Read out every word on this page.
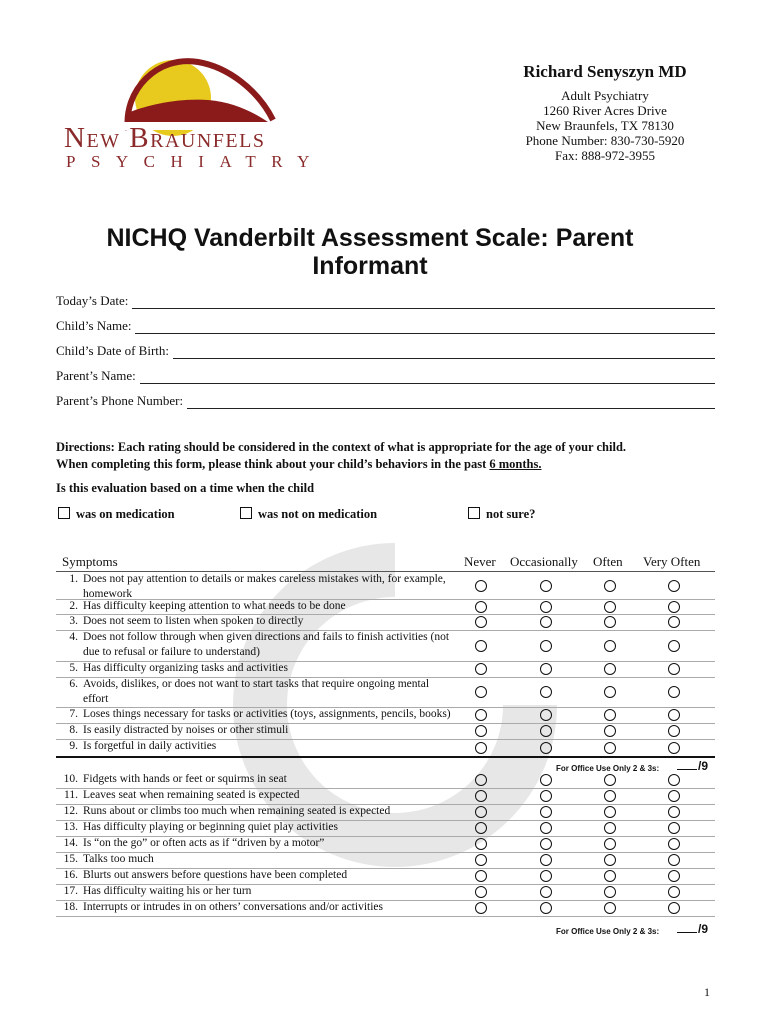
New Braunfels
PSYCHIATRY
Richard Senyszyn MD
Adult Psychiatry
1260 River Acres Drive
New Braunfels, TX 78130
Phone Number: 830-730-5920
Fax: 888-972-3955
NICHQ Vanderbilt Assessment Scale: Parent Informant
Today’s Date:
Child’s Name:
Child’s Date of Birth:
Parent’s Name:
Parent’s Phone Number:
Directions: Each rating should be considered in the context of what is appropriate for the age of your child.
When completing this form, please think about your child’s behaviors in the past 6 months.
Is this evaluation based on a time when the child
was on medication	was not on medication	not sure?
Symptoms	Never Occasionally Often Very Often
1. Does not pay attention to details or makes careless mistakes with, for example, homework
2. Has difficulty keeping attention to what needs to be done
3. Does not seem to listen when spoken to directly
4. Does not follow through when given directions and fails to finish activities (not due to refusal or failure to understand)
5. Has difficulty organizing tasks and activities
6. Avoids, dislikes, or does not want to start tasks that require ongoing mental effort
7. Loses things necessary for tasks or activities (toys, assignments, pencils, books)
8. Is easily distracted by noises or other stimuli
9. Is forgetful in daily activities
10. Fidgets with hands or feet or squirms in seat
11. Leaves seat when remaining seated is expected
12. Runs about or climbs too much when remaining seated is expected
13. Has difficulty playing or beginning quiet play activities
14. Is “on the go” or often acts as if “driven by a motor”
15. Talks too much
16. Blurts out answers before questions have been completed
17. Has difficulty waiting his or her turn
18. Interrupts or intrudes in on others’ conversations and/or activities
For Office Use Only 2 & 3s:	/9
For Office Use Only 2 & 3s:	/9
1
